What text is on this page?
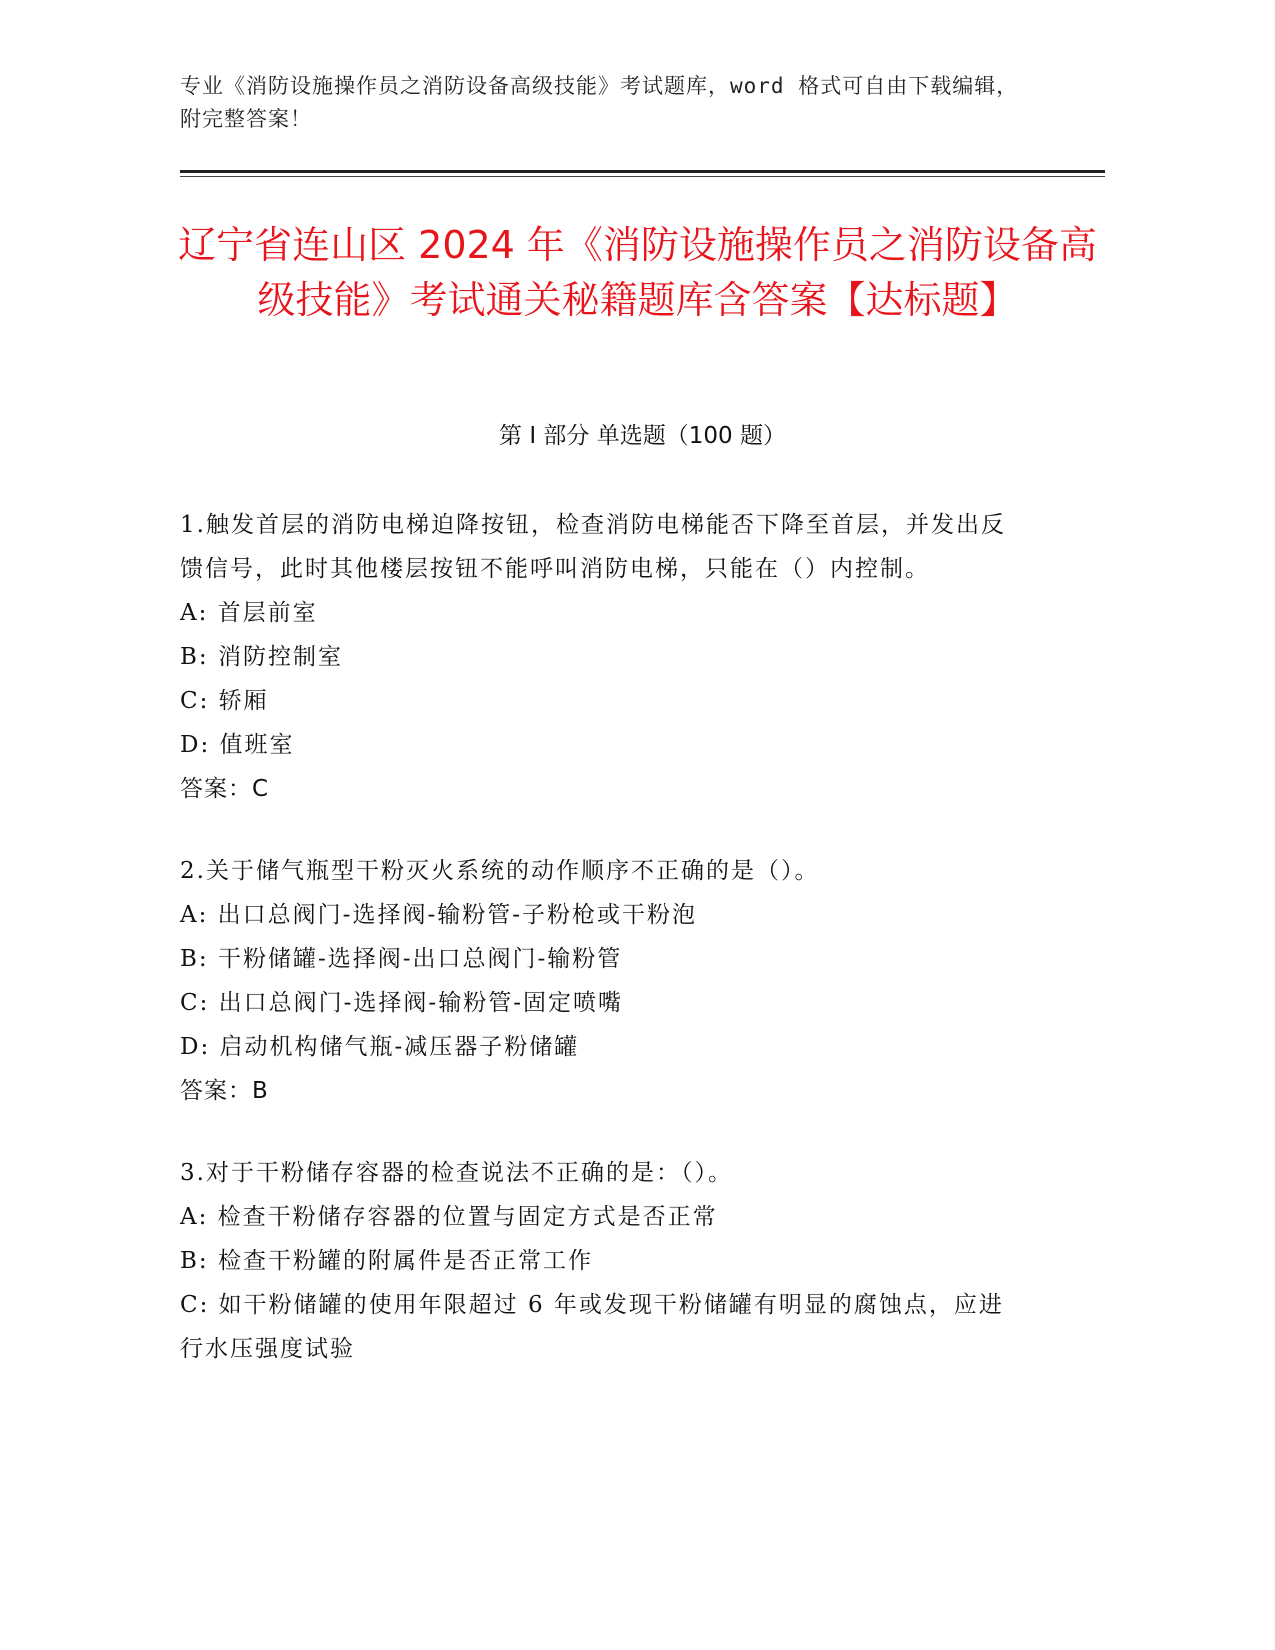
专业《消防设施操作员之消防设备高级技能》考试题库，word 格式可自由下载编辑，附完整答案！
辽宁省连山区 2024 年《消防设施操作员之消防设备高级技能》考试通关秘籍题库含答案【达标题】
第 I 部分 单选题（100 题）
1.触发首层的消防电梯迫降按钮，检查消防电梯能否下降至首层，并发出反馈信号，此时其他楼层按钮不能呼叫消防电梯，只能在（）内控制。
A: 首层前室
B: 消防控制室
C: 轿厢
D: 值班室
答案：C
2.关于储气瓶型干粉灭火系统的动作顺序不正确的是（）。
A: 出口总阀门-选择阀-输粉管-子粉枪或干粉泡
B: 干粉储罐-选择阀-出口总阀门-输粉管
C: 出口总阀门-选择阀-输粉管-固定喷嘴
D: 启动机构储气瓶-减压器子粉储罐
答案：B
3.对于干粉储存容器的检查说法不正确的是：（）。
A: 检查干粉储存容器的位置与固定方式是否正常
B: 检查干粉罐的附属件是否正常工作
C: 如干粉储罐的使用年限超过 6 年或发现干粉储罐有明显的腐蚀点，应进行水压强度试验
